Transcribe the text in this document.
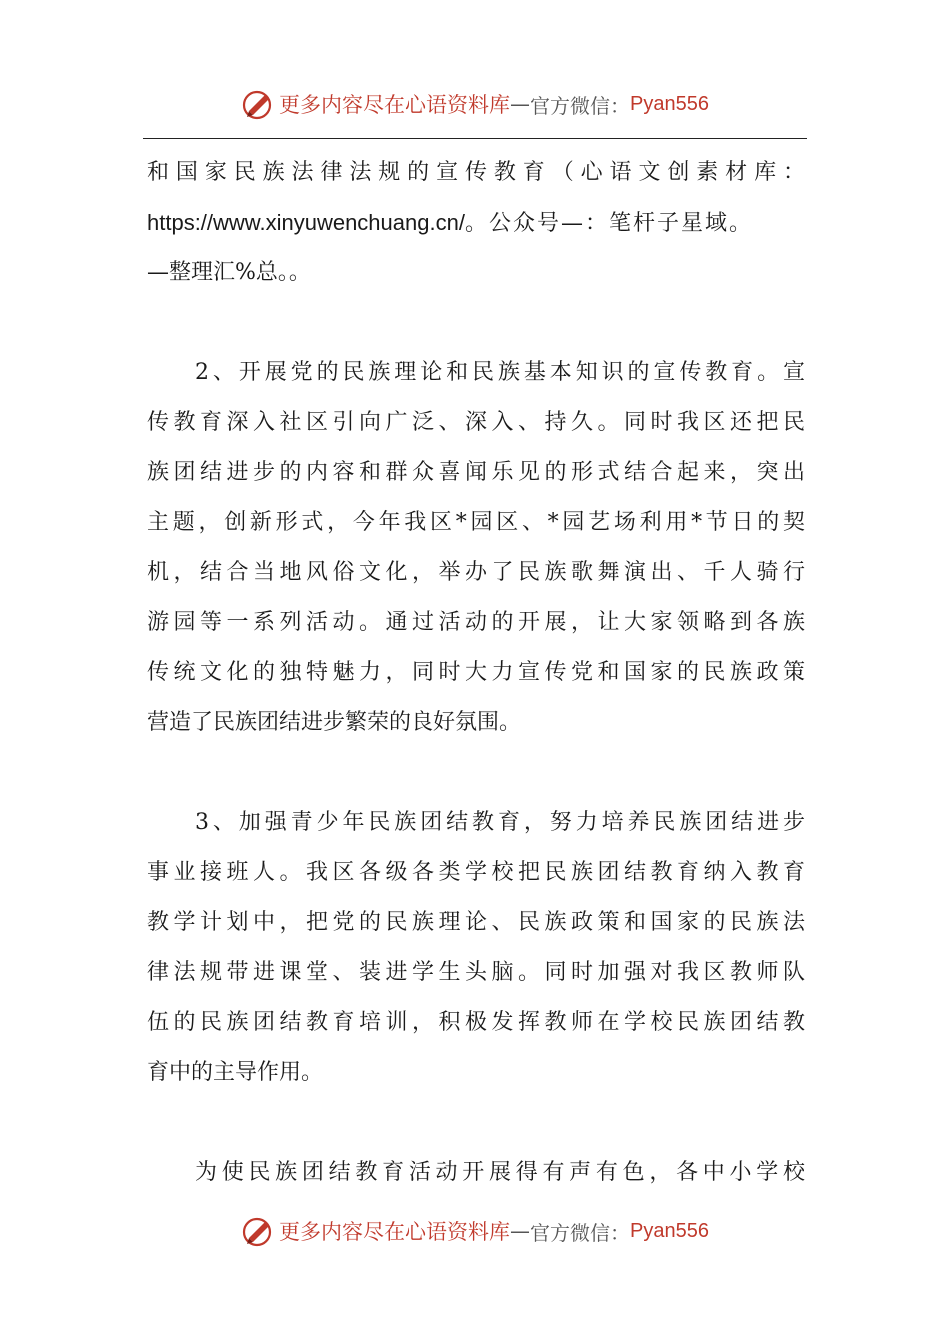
更多内容尽在心语资料库 — 官方微信： Pyan556
和国家民族法律法规的宣传教育（心语文创素材库：
https://www.xinyuwenchuang.cn/。公众号—：笔杆子星域。
—整理汇%总。。
2、开展党的民族理论和民族基本知识的宣传教育。宣
传教育深入社区引向广泛、深入、持久。同时我区还把民
族团结进步的内容和群众喜闻乐见的形式结合起来，突出
主题，创新形式，今年我区*园区、*园艺场利用*节日的契
机，结合当地风俗文化，举办了民族歌舞演出、千人骑行
游园等一系列活动。通过活动的开展，让大家领略到各族
传统文化的独特魅力，同时大力宣传党和国家的民族政策
营造了民族团结进步繁荣的良好氛围。
3、加强青少年民族团结教育，努力培养民族团结进步
事业接班人。我区各级各类学校把民族团结教育纳入教育
教学计划中，把党的民族理论、民族政策和国家的民族法
律法规带进课堂、装进学生头脑。同时加强对我区教师队
伍的民族团结教育培训，积极发挥教师在学校民族团结教
育中的主导作用。
为使民族团结教育活动开展得有声有色，各中小学校
更多内容尽在心语资料库 — 官方微信： Pyan556
